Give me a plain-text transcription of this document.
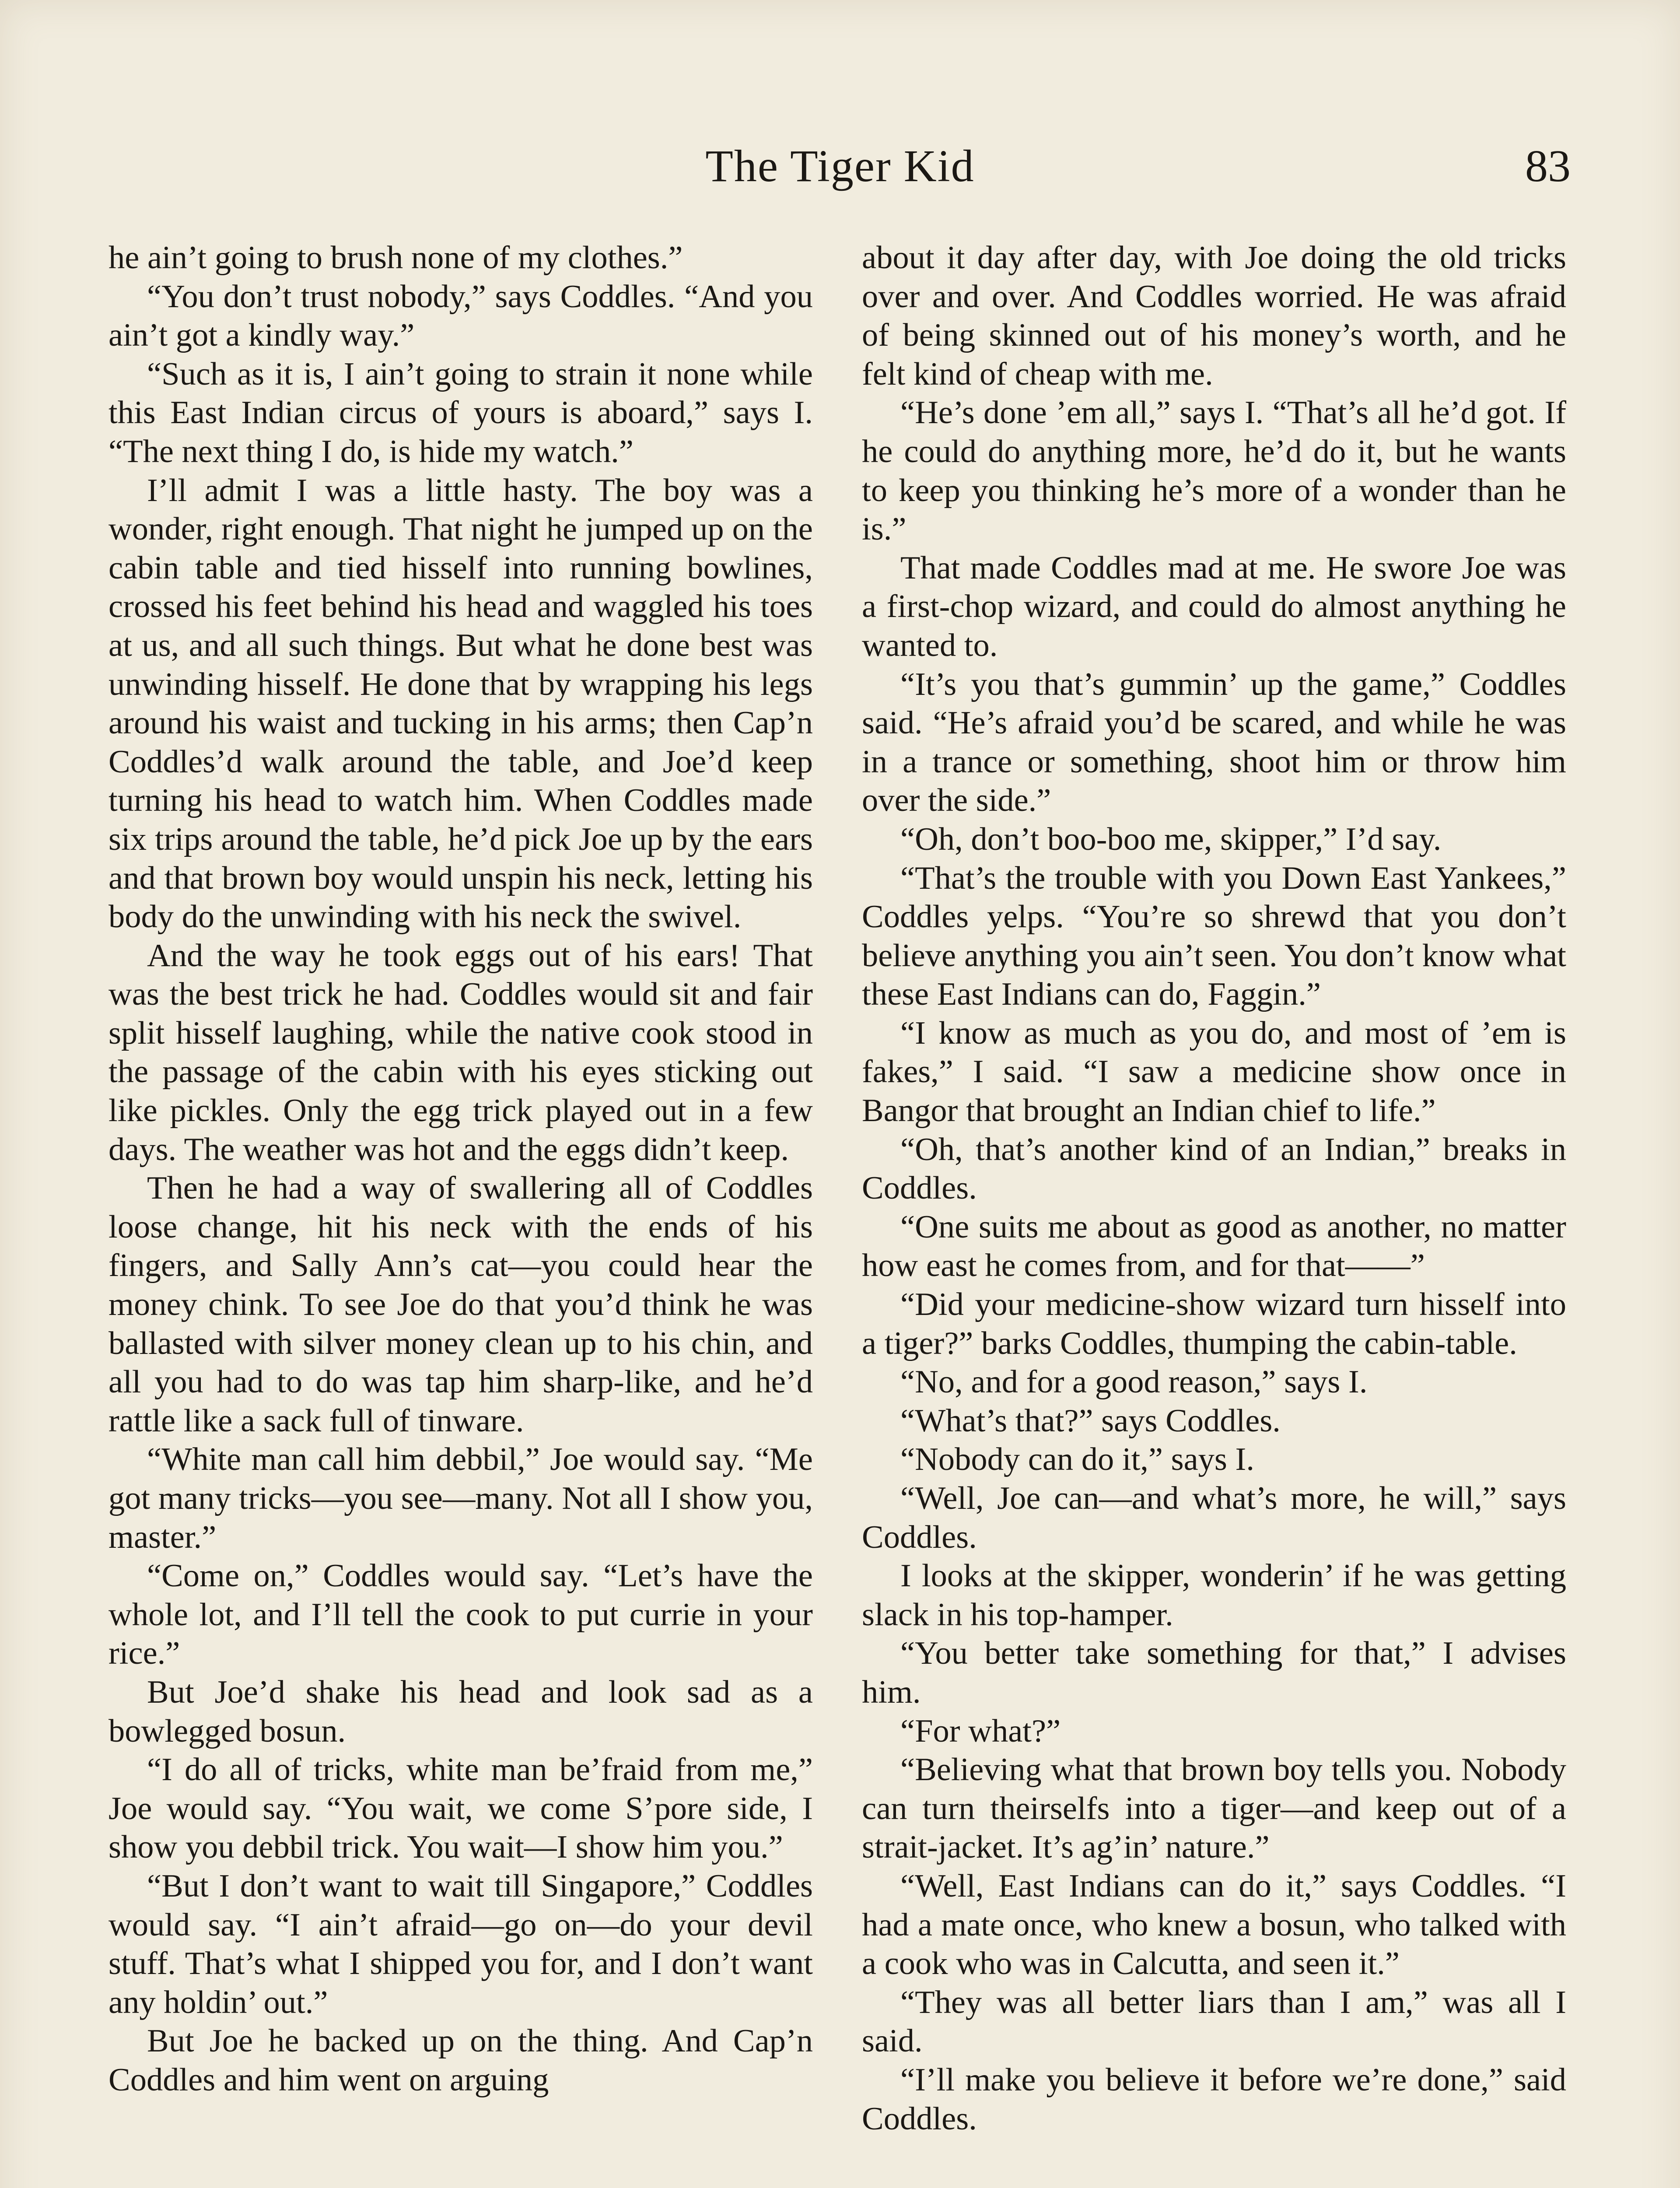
The Tiger Kid	83

he ain’t going to brush none of my clothes.”

“You don’t trust nobody,” says Coddles. “And you ain’t got a kindly way.”

“Such as it is, I ain’t going to strain it none while this East Indian circus of yours is aboard,” says I. “The next thing I do, is hide my watch.”

I’ll admit I was a little hasty. The boy was a wonder, right enough. That night he jumped up on the cabin table and tied hisself into running bowlines, crossed his feet behind his head and waggled his toes at us, and all such things. But what he done best was unwinding hisself. He done that by wrapping his legs around his waist and tucking in his arms; then Cap’n Coddles’d walk around the table, and Joe’d keep turning his head to watch him. When Coddles made six trips around the table, he’d pick Joe up by the ears and that brown boy would unspin his neck, letting his body do the unwinding with his neck the swivel.

And the way he took eggs out of his ears! That was the best trick he had. Coddles would sit and fair split hisself laughing, while the native cook stood in the passage of the cabin with his eyes sticking out like pickles. Only the egg trick played out in a few days. The weather was hot and the eggs didn’t keep.

Then he had a way of swallering all of Coddles loose change, hit his neck with the ends of his fingers, and Sally Ann’s cat—you could hear the money chink. To see Joe do that you’d think he was ballasted with silver money clean up to his chin, and all you had to do was tap him sharp-like, and he’d rattle like a sack full of tinware.

“White man call him debbil,” Joe would say. “Me got many tricks—you see—many. Not all I show you, master.”

“Come on,” Coddles would say. “Let’s have the whole lot, and I’ll tell the cook to put currie in your rice.”

But Joe’d shake his head and look sad as a bowlegged bosun.

“I do all of tricks, white man be’fraid from me,” Joe would say. “You wait, we come S’pore side, I show you debbil trick. You wait—I show him you.”

“But I don’t want to wait till Singapore,” Coddles would say. “I ain’t afraid—go on—do your devil stuff. That’s what I shipped you for, and I don’t want any holdin’ out.”

But Joe he backed up on the thing. And Cap’n Coddles and him went on arguing

about it day after day, with Joe doing the old tricks over and over. And Coddles worried. He was afraid of being skinned out of his money’s worth, and he felt kind of cheap with me.

“He’s done ’em all,” says I. “That’s all he’d got. If he could do anything more, he’d do it, but he wants to keep you thinking he’s more of a wonder than he is.”

That made Coddles mad at me. He swore Joe was a first-chop wizard, and could do almost anything he wanted to.

“It’s you that’s gummin’ up the game,” Coddles said. “He’s afraid you’d be scared, and while he was in a trance or something, shoot him or throw him over the side.”

“Oh, don’t boo-boo me, skipper,” I’d say.

“That’s the trouble with you Down East Yankees,” Coddles yelps. “You’re so shrewd that you don’t believe anything you ain’t seen. You don’t know what these East Indians can do, Faggin.”

“I know as much as you do, and most of ’em is fakes,” I said. “I saw a medicine show once in Bangor that brought an Indian chief to life.”

“Oh, that’s another kind of an Indian,” breaks in Coddles.

“One suits me about as good as another, no matter how east he comes from, and for that——”

“Did your medicine-show wizard turn hisself into a tiger?” barks Coddles, thumping the cabin-table.

“No, and for a good reason,” says I.

“What’s that?” says Coddles.

“Nobody can do it,” says I.

“Well, Joe can—and what’s more, he will,” says Coddles.

I looks at the skipper, wonderin’ if he was getting slack in his top-hamper.

“You better take something for that,” I advises him.

“For what?”

“Believing what that brown boy tells you. Nobody can turn theirselfs into a tiger—and keep out of a strait-jacket. It’s ag’in’ nature.”

“Well, East Indians can do it,” says Coddles. “I had a mate once, who knew a bosun, who talked with a cook who was in Calcutta, and seen it.”

“They was all better liars than I am,” was all I said.

“I’ll make you believe it before we’re done,” said Coddles.
